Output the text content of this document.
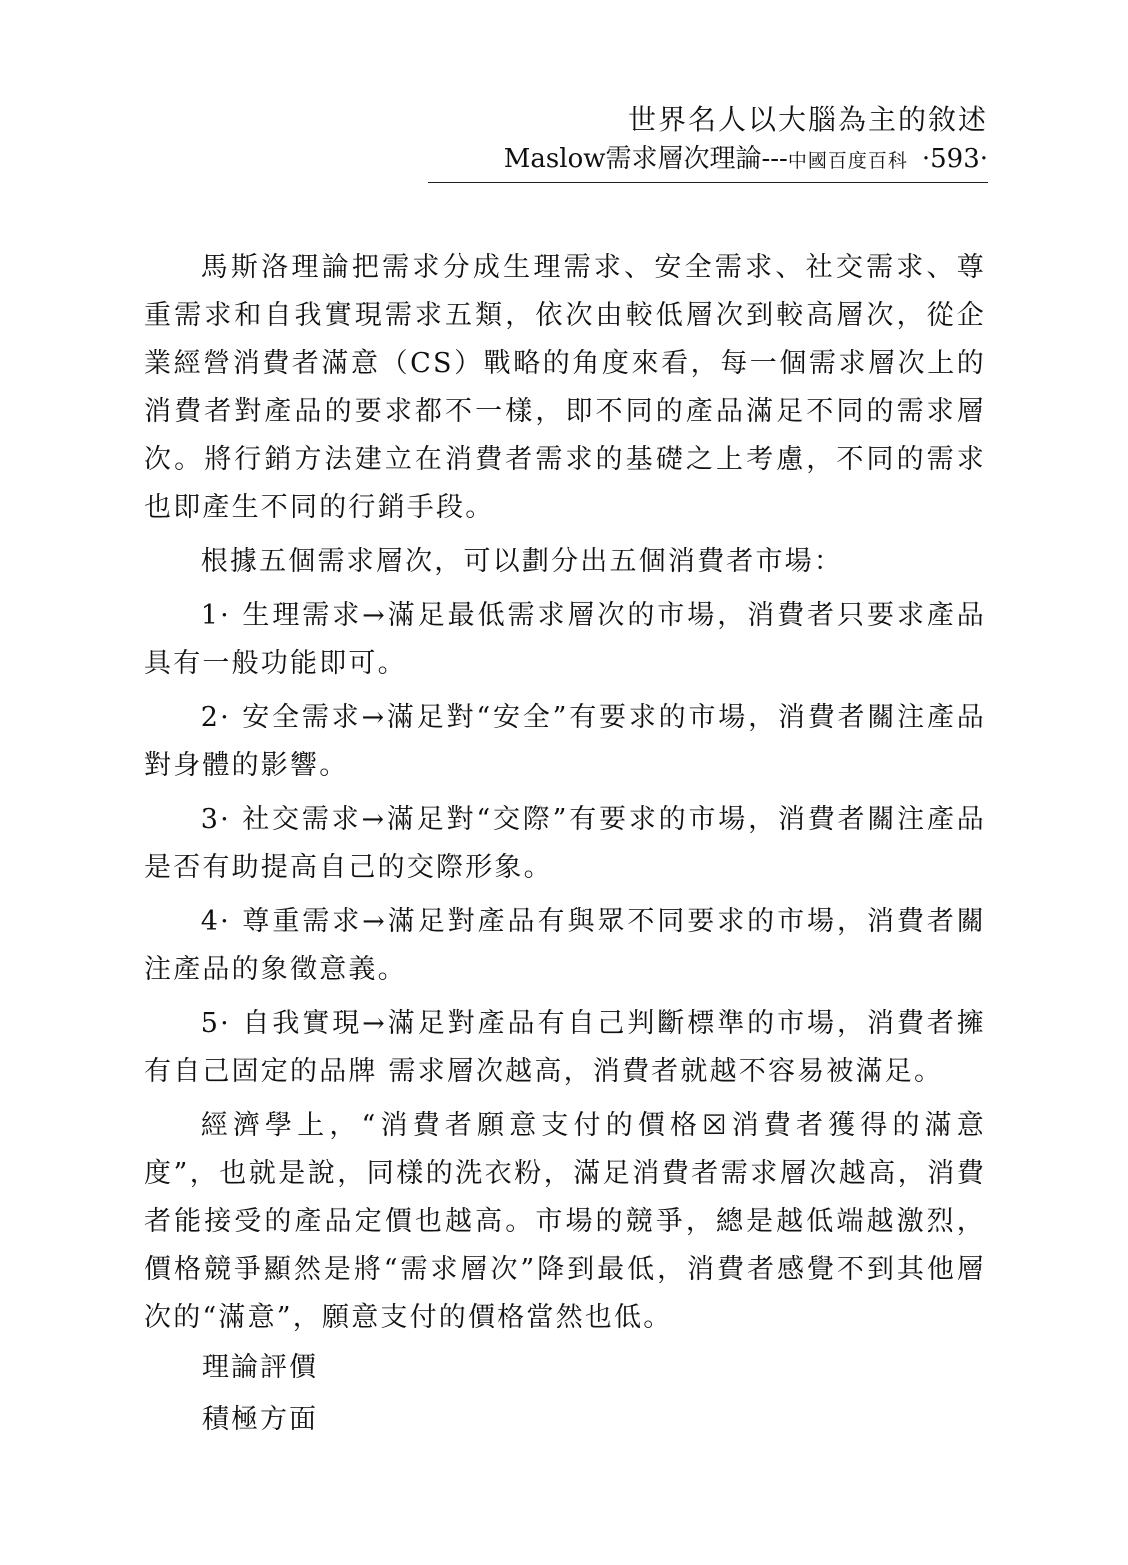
世界名人以大腦為主的敘述
Maslow需求層次理論---中國百度百科 ·593·

馬斯洛理論把需求分成生理需求、安全需求、社交需求、尊重需求和自我實現需求五類，依次由較低層次到較高層次，從企業經營消費者滿意（CS）戰略的角度來看，每一個需求層次上的消費者對產品的要求都不一樣，即不同的產品滿足不同的需求層次。將行銷方法建立在消費者需求的基礎之上考慮，不同的需求也即產生不同的行銷手段。

根據五個需求層次，可以劃分出五個消費者市場：

1· 生理需求→滿足最低需求層次的市場，消費者只要求產品具有一般功能即可。

2· 安全需求→滿足對“安全”有要求的市場，消費者關注產品對身體的影響。

3· 社交需求→滿足對“交際”有要求的市場，消費者關注產品是否有助提高自己的交際形象。

4· 尊重需求→滿足對產品有與眾不同要求的市場，消費者關注產品的象徵意義。

5· 自我實現→滿足對產品有自己判斷標準的市場，消費者擁有自己固定的品牌 需求層次越高，消費者就越不容易被滿足。

經濟學上，“消費者願意支付的價格☒消費者獲得的滿意度”，也就是說，同樣的洗衣粉，滿足消費者需求層次越高，消費者能接受的產品定價也越高。市場的競爭，總是越低端越激烈，價格競爭顯然是將“需求層次”降到最低，消費者感覺不到其他層次的“滿意”，願意支付的價格當然也低。

理論評價
積極方面
